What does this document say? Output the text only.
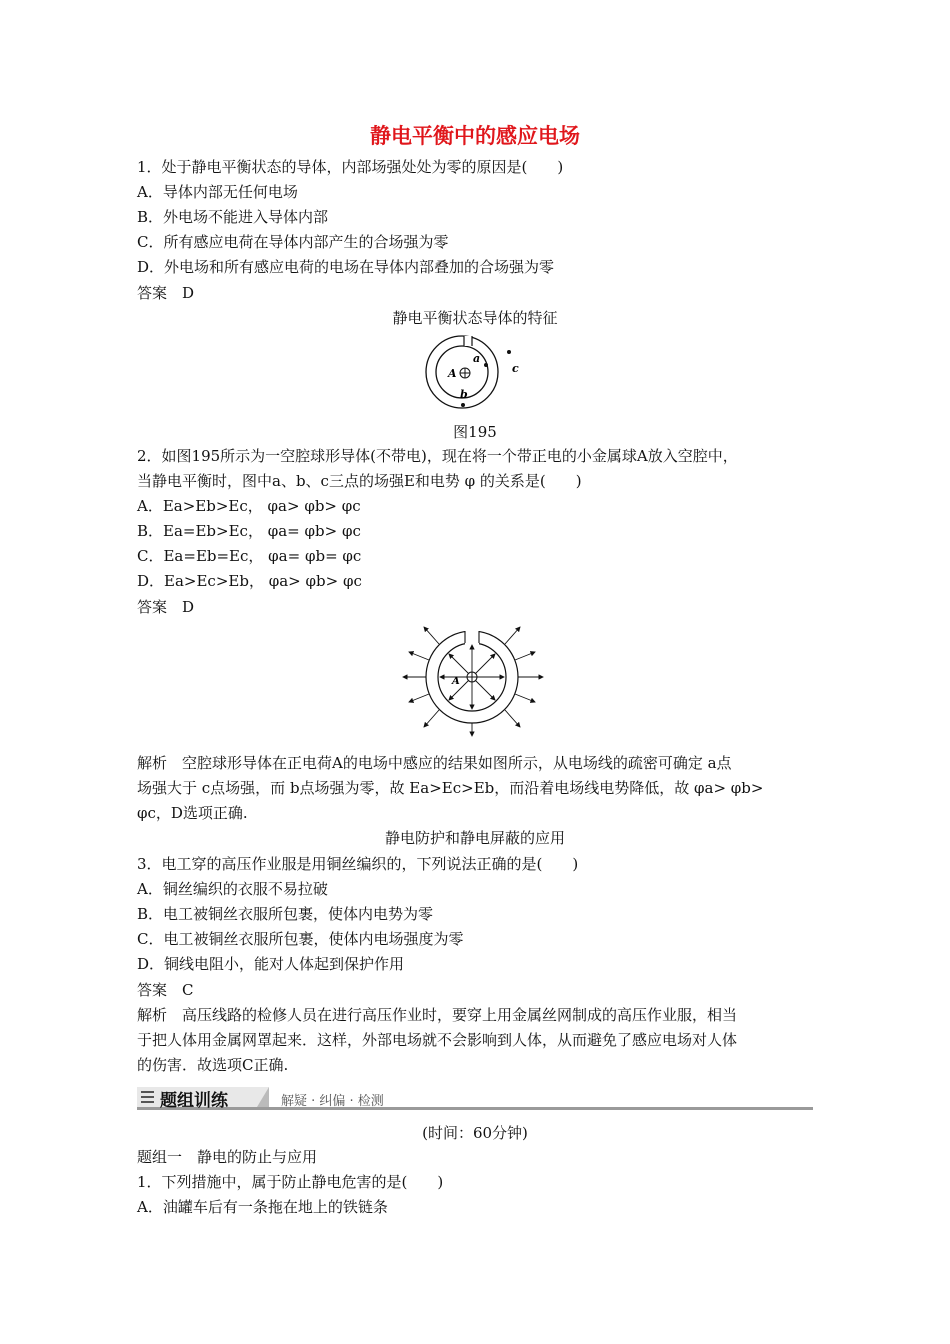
静电平衡中的感应电场
1．处于静电平衡状态的导体，内部场强处处为零的原因是(　　)
A．导体内部无任何电场
B．外电场不能进入导体内部
C．所有感应电荷在导体内部产生的合场强为零
D．外电场和所有感应电荷的电场在导体内部叠加的合场强为零
答案　D
静电平衡状态导体的特征
a
c
b
A
图195
2．如图195所示为一空腔球形导体(不带电)，现在将一个带正电的小金属球A放入空腔中，
当静电平衡时，图中a、b、c三点的场强E和电势 φ 的关系是(　　)
A．Ea>Eb>Ec， φa> φb> φc
B．Ea=Eb>Ec， φa= φb> φc
C．Ea=Eb=Ec， φa= φb= φc
D．Ea>Ec>Eb， φa> φb> φc
答案　D
A
解析　空腔球形导体在正电荷A的电场中感应的结果如图所示，从电场线的疏密可确定 a点
场强大于 c点场强，而 b点场强为零，故 Ea>Ec>Eb，而沿着电场线电势降低，故 φa> φb>
φc，D选项正确.
静电防护和静电屏蔽的应用
3．电工穿的高压作业服是用铜丝编织的，下列说法正确的是(　　)
A．铜丝编织的衣服不易拉破
B．电工被铜丝衣服所包裹，使体内电势为零
C．电工被铜丝衣服所包裹，使体内电场强度为零
D．铜线电阻小，能对人体起到保护作用
答案　C
解析　高压线路的检修人员在进行高压作业时，要穿上用金属丝网制成的高压作业服，相当
于把人体用金属网罩起来．这样，外部电场就不会影响到人体，从而避免了感应电场对人体
的伤害．故选项C正确.
题组训练	解疑 · 纠偏 · 检测
(时间：60分钟)
题组一　静电的防止与应用
1．下列措施中，属于防止静电危害的是(　　)
A．油罐车后有一条拖在地上的铁链条
